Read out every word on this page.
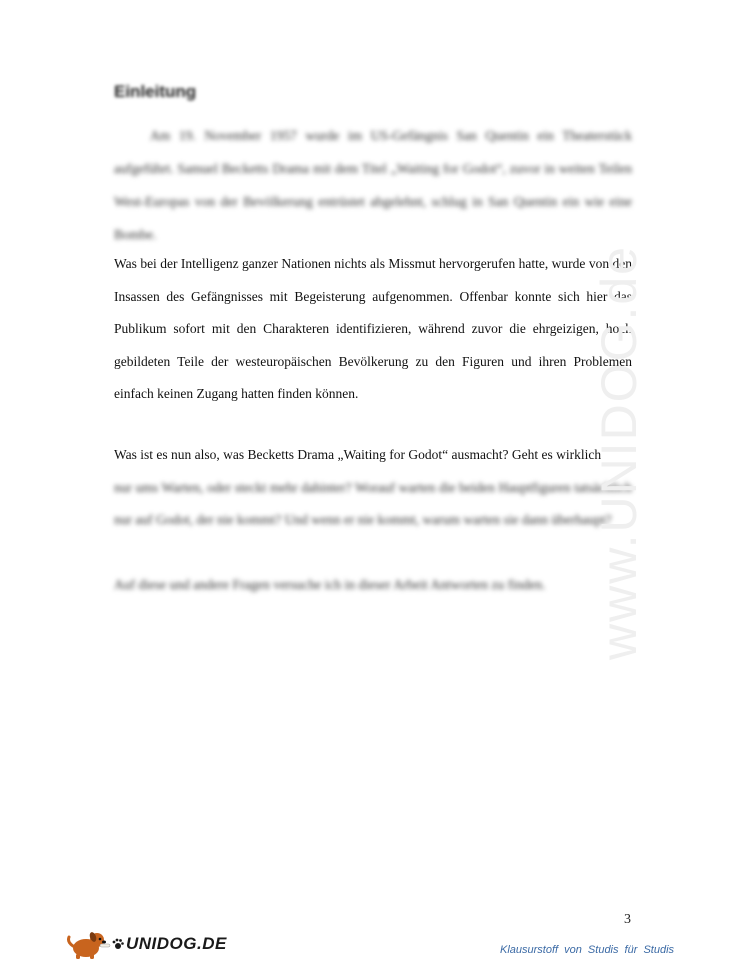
Einleitung
Am 19. November 1957 wurde im US-Gefängnis San Quentin ein Theaterstück aufgeführt. Samuel Becketts Drama mit dem Titel „Waiting for Godot“, zuvor in weiten Teilen West-Europas von der Bevölkerung entrüstet abgelehnt, schlug in San Quentin ein wie eine Bombe.
Was bei der Intelligenz ganzer Nationen nichts als Missmut hervorgerufen hatte, wurde von den Insassen des Gefängnisses mit Begeisterung aufgenommen. Offenbar konnte sich hier das Publikum sofort mit den Charakteren identifizieren, während zuvor die ehrgeizigen, hoch gebildeten Teile der westeuropäischen Bevölkerung zu den Figuren und ihren Problemen einfach keinen Zugang hatten finden können.
Was ist es nun also, was Becketts Drama „Waiting for Godot“ ausmacht? Geht es wirklich
nur ums Warten, oder steckt mehr dahinter? Worauf warten die beiden Hauptfiguren tatsächlich nur auf Godot, der nie kommt? Und wenn er nie kommt, warum warten sie dann überhaupt?
Auf diese und andere Fragen versuche ich in dieser Arbeit Antworten zu finden. www.UNIDOG.de
3
UNIDOG.DE	Klausurstoff von Studis für Studis
